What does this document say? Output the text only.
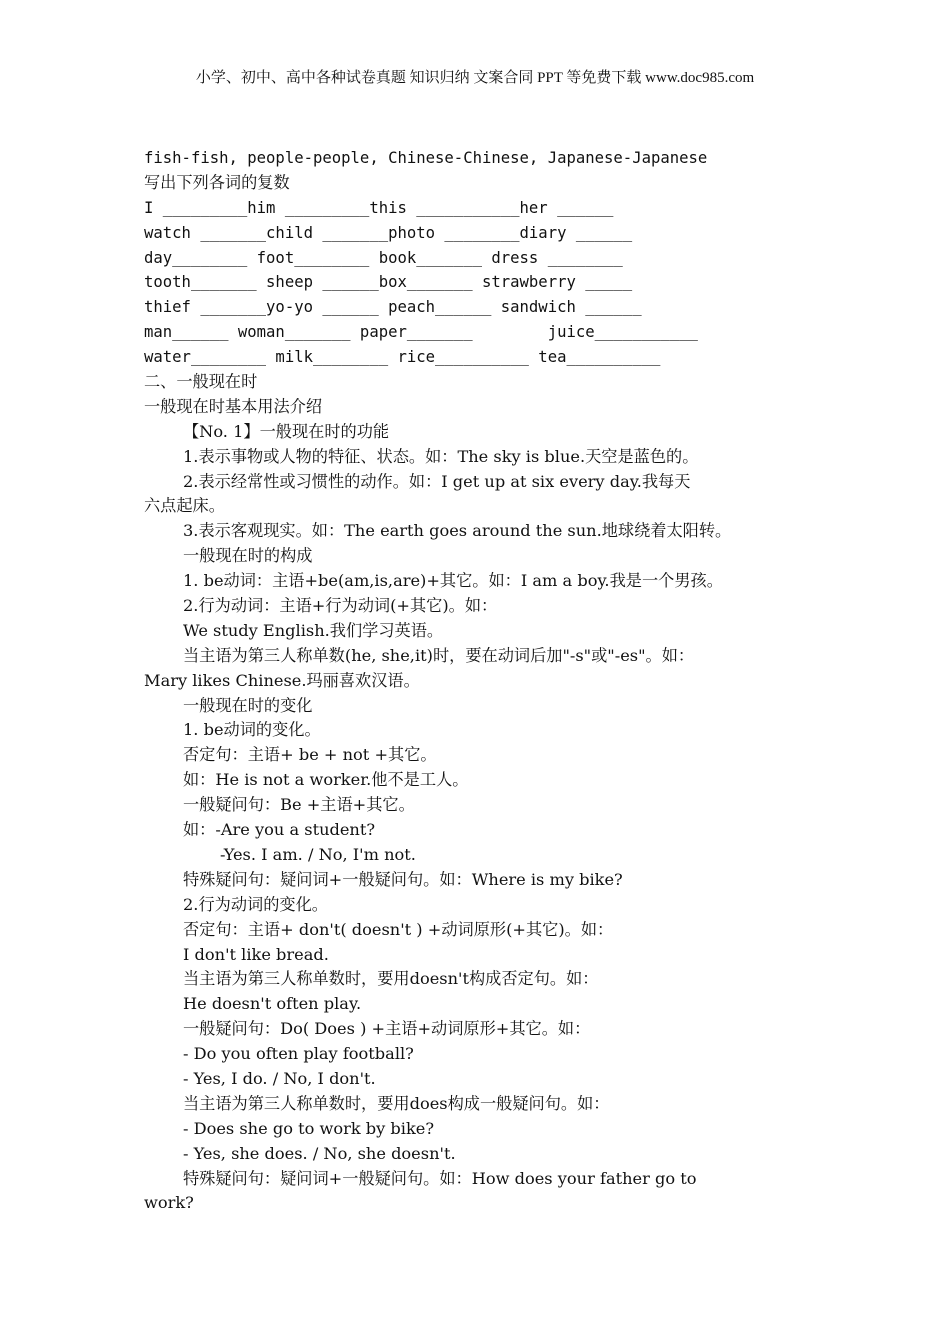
小学、初中、高中各种试卷真题 知识归纳 文案合同 PPT 等免费下载 www.doc985.com
fish-fish, people-people, Chinese-Chinese, Japanese-Japanese
写出下列各词的复数
I _________him _________this ___________her ______
watch _______child _______photo ________diary ______
day________ foot________ book_______ dress ________
tooth_______ sheep ______box_______ strawberry _____
thief _______yo-yo ______ peach______ sandwich ______
man______ woman_______ paper_______        juice___________
water________ milk________ rice__________ tea__________
二、一般现在时
一般现在时基本用法介绍
【No. 1】一般现在时的功能
1.表示事物或人物的特征、状态。如：The sky is blue.天空是蓝色的。
2.表示经常性或习惯性的动作。如：I get up at six every day.我每天
六点起床。
3.表示客观现实。如：The earth goes around the sun.地球绕着太阳转。
一般现在时的构成
1. be动词：主语+be(am,is,are)+其它。如：I am a boy.我是一个男孩。
2.行为动词：主语+行为动词(+其它)。如：
We study English.我们学习英语。
当主语为第三人称单数(he, she,it)时，要在动词后加"-s"或"-es"。如：
Mary likes Chinese.玛丽喜欢汉语。
一般现在时的变化
1. be动词的变化。
否定句：主语+ be + not +其它。
如：He is not a worker.他不是工人。
一般疑问句：Be +主语+其它。
如：-Are you a student?
-Yes. I am. / No, I'm not.
特殊疑问句：疑问词+一般疑问句。如：Where is my bike?
2.行为动词的变化。
否定句：主语+ don't( doesn't ) +动词原形(+其它)。如：
I don't like bread.
当主语为第三人称单数时，要用doesn't构成否定句。如：
He doesn't often play.
一般疑问句：Do( Does ) +主语+动词原形+其它。如：
- Do you often play football?
- Yes, I do. / No, I don't.
当主语为第三人称单数时，要用does构成一般疑问句。如：
- Does she go to work by bike?
- Yes, she does. / No, she doesn't.
特殊疑问句：疑问词+一般疑问句。如：How does your father go to
work?
